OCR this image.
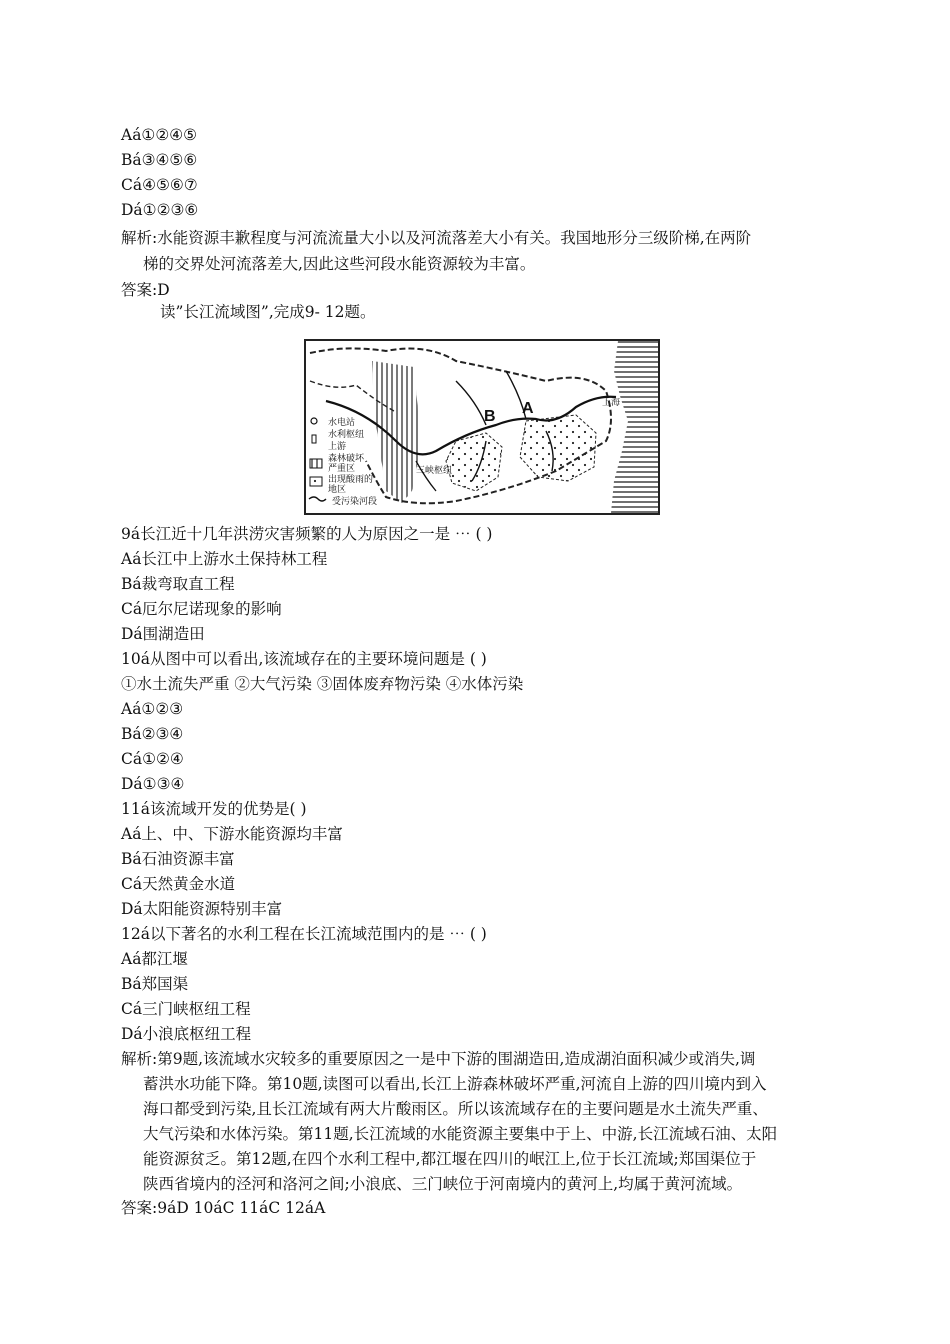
Aá①②④⑤
Bá③④⑤⑥
Cá④⑤⑥⑦
Dá①②③⑥
解析:水能资源丰歉程度与河流流量大小以及河流落差大小有关。我国地形分三级阶梯,在两阶
梯的交界处河流落差大,因此这些河段水能资源较为丰富。
答案:D
读”长江流域图”,完成9- 12题。
水电站
水利枢纽
上游
森林破坏
严重区
出现酸雨的
地区
受污染河段
B A	上海
三峡枢纽
9á长江近十几年洪涝灾害频繁的人为原因之一是 ⋯ ( )
Aá长江中上游水土保持林工程
Bá裁弯取直工程
Cá厄尔尼诺现象的影响
Dá围湖造田
10á从图中可以看出,该流域存在的主要环境问题是 ( )
①水土流失严重 ②大气污染 ③固体废弃物污染 ④水体污染
Aá①②③
Bá②③④
Cá①②④
Dá①③④
11á该流域开发的优势是( )
Aá上、中、下游水能资源均丰富
Bá石油资源丰富
Cá天然黄金水道
Dá太阳能资源特别丰富
12á以下著名的水利工程在长江流域范围内的是 ⋯ ( )
Aá都江堰
Bá郑国渠
Cá三门峡枢纽工程
Dá小浪底枢纽工程
解析:第9题,该流域水灾较多的重要原因之一是中下游的围湖造田,造成湖泊面积减少或消失,调
蓄洪水功能下降。第10题,读图可以看出,长江上游森林破坏严重,河流自上游的四川境内到入
海口都受到污染,且长江流域有两大片酸雨区。所以该流域存在的主要问题是水土流失严重、
大气污染和水体污染。第11题,长江流域的水能资源主要集中于上、中游,长江流域石油、太阳
能资源贫乏。第12题,在四个水利工程中,都江堰在四川的岷江上,位于长江流域;郑国渠位于
陕西省境内的泾河和洛河之间;小浪底、三门峡位于河南境内的黄河上,均属于黄河流域。
答案:9áD 10áC 11áC 12áA
